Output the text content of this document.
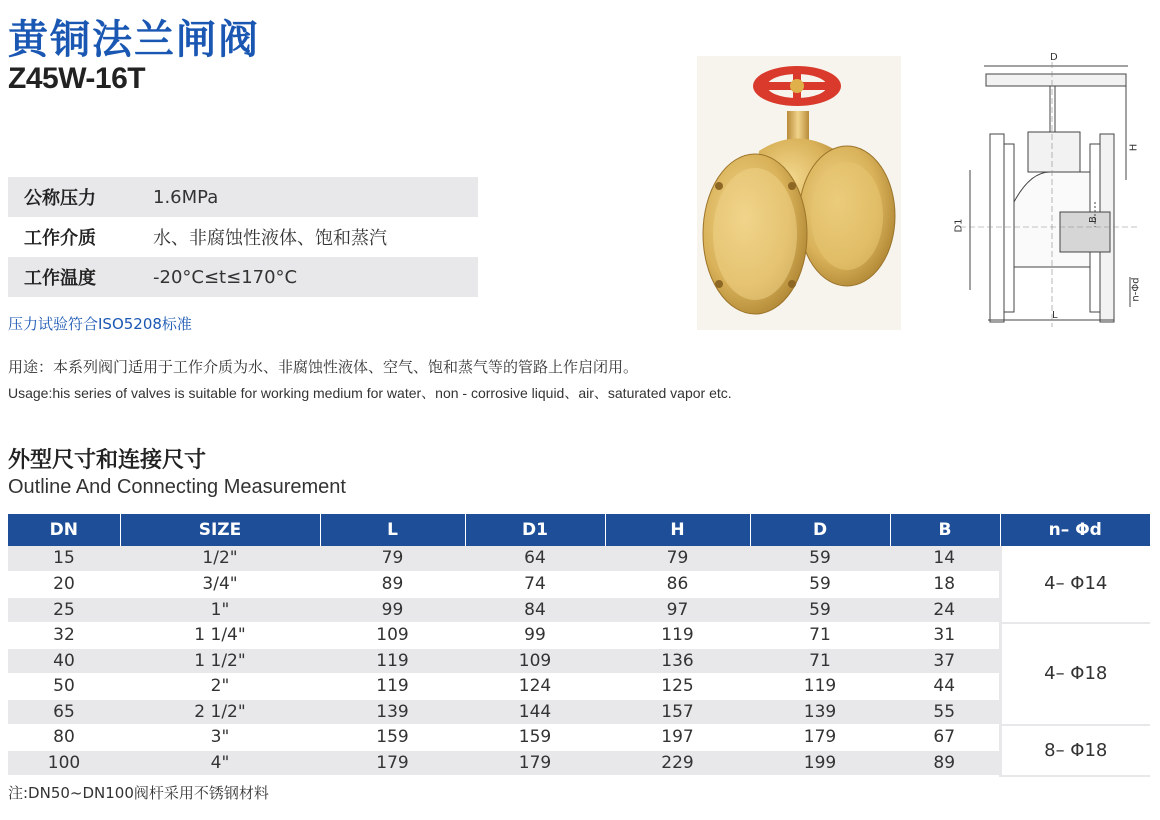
黄铜法兰闸阀
Z45W-16T
公称压力	1.6MPa
工作介质	水、非腐蚀性液体、饱和蒸汽
工作温度	-20°C≤t≤170°C
压力试验符合ISO5208标准
用途：本系列阀门适用于工作介质为水、非腐蚀性液体、空气、饱和蒸气等的管路上作启闭用。
Usage:his series of valves is suitable for working medium for water、non - corrosive liquid、air、saturated vapor etc.
外型尺寸和连接尺寸
Outline And Connecting Measurement
D
H
D1	B
n-Φd
L
DN	SIZE	L	D1	H	D	B	n– Φd
15	1/2"	79	64	79	59	14	4– Φ14
20	3/4"	89	74	86	59	18	
25	1"	99	84	97	59	24	
32	1 1/4"	109	99	119	71	31	4– Φ18
40	1 1/2"	119	109	136	71	37	
50	2"	119	124	125	119	44	
65	2 1/2"	139	144	157	139	55	
80	3"	159	159	197	179	67	8– Φ18
100	4"	179	179	229	199	89	
注:DN50~DN100阀杆采用不锈钢材料
